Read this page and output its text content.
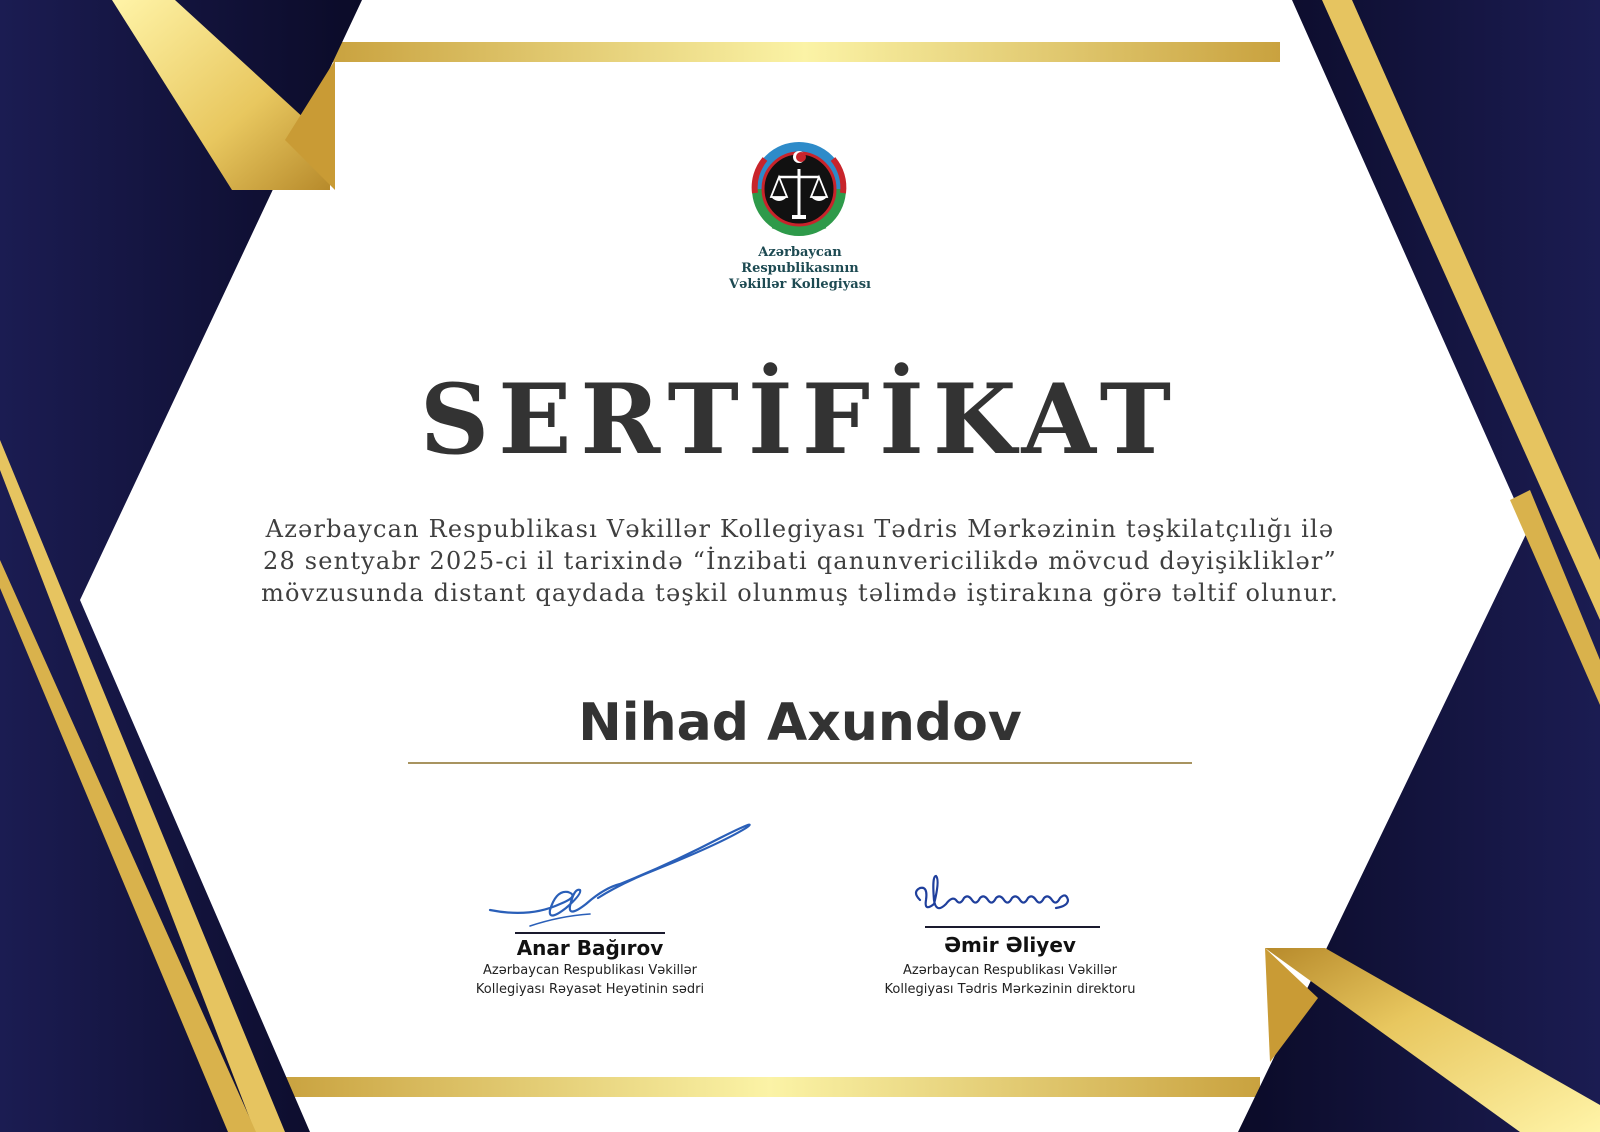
Azərbaycan
Respublikasının
Vəkillər Kollegiyası
SERTİFİKAT
Azərbaycan Respublikası Vəkillər Kollegiyası Tədris Mərkəzinin təşkilatçılığı ilə
28 sentyabr 2025-ci il tarixində “İnzibati qanunvericilikdə mövcud dəyişikliklər”
mövzusunda distant qaydada təşkil olunmuş təlimdə iştirakına görə təltif olunur.
Nihad Axundov
Anar Bağırov
Azərbaycan Respublikası Vəkillər
Kollegiyası Rəyasət Heyətinin sədri
Əmir Əliyev
Azərbaycan Respublikası Vəkillər
Kollegiyası Tədris Mərkəzinin direktoru
